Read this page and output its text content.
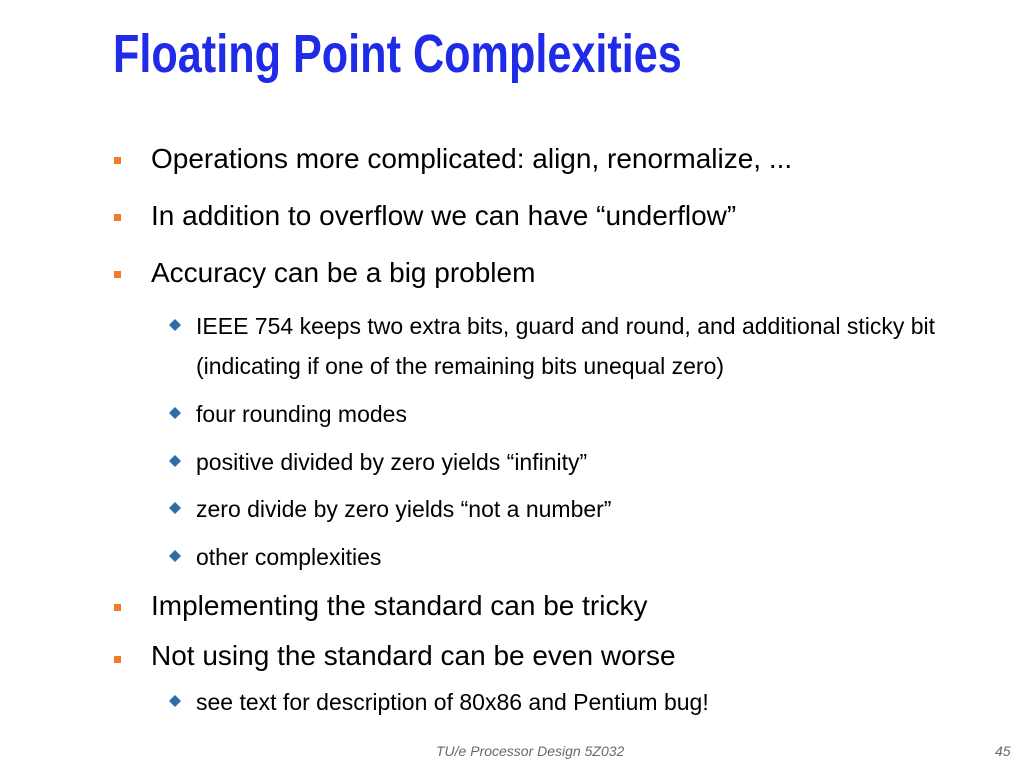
Floating Point Complexities
Operations more complicated: align, renormalize, ...
In addition to overflow we can have “underflow”
Accuracy can be a big problem
IEEE 754 keeps two extra bits, guard and round, and additional sticky bit (indicating if one of the remaining bits unequal zero)
four rounding modes
positive divided by zero yields “infinity”
zero divide by zero yields “not a number”
other complexities
Implementing the standard can be tricky
Not using the standard can be even worse
see text for description of 80x86 and Pentium bug!
TU/e Processor Design 5Z032	45
